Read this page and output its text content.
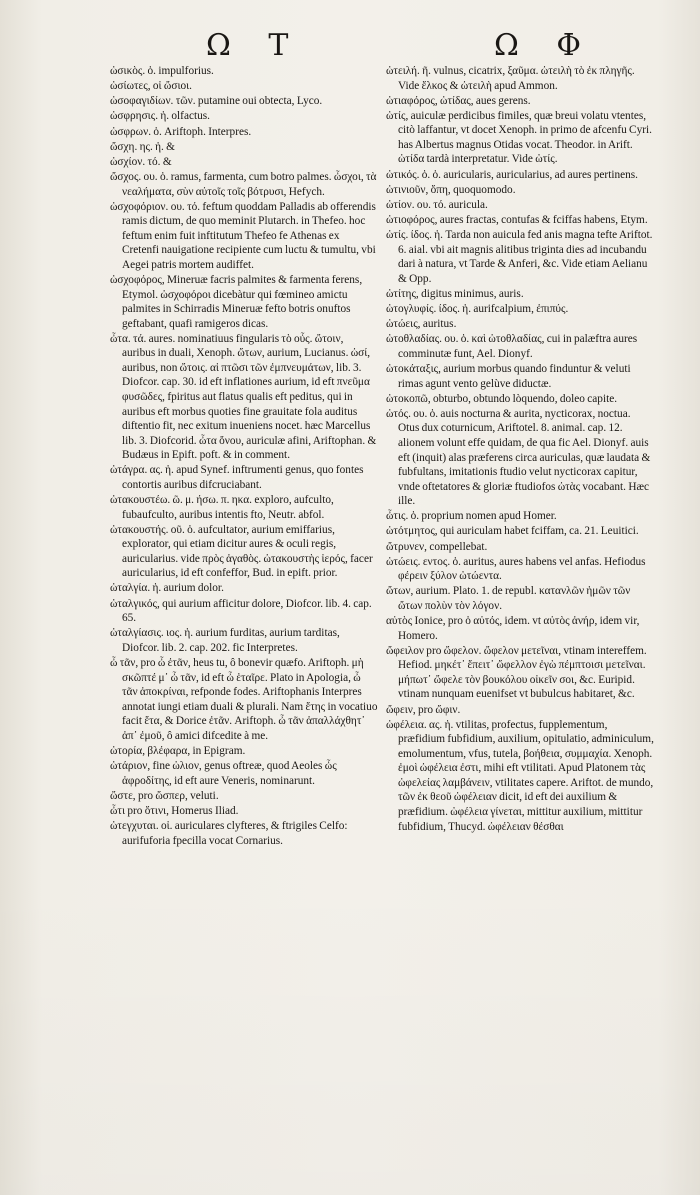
Ω Τ	Ω Φ

ὠσικὸς. ὁ. impulforius.

ὠσίωτες, οἱ ὤσιοι.

ὠσοφαγιδίων. τῶν. putamine oui obtecta, Lyco.

ὠσφρησις. ἡ. olfactus.

ὠσφρων. ὁ. Ariftoph. Interpres.

ὤσχη. ης. ἡ. &

ὠσχίον. τό. &

ὤσχος. ου. ὁ. ramus, farmenta, cum botro palmes. ὦσχοι, τὰ νεαλήματα, σὺν αὐτοῖς τοῖς βότρυσι, Hefych.

ὠσχοφόριον. ου. τό. feftum quoddam Palladis ab offerendis ramis dictum, de quo meminit Plutarch. in Thefeo. hoc feftum enim fuit inftitutum Thefeo fe Athenas ex Cretenfi nauigatione recipiente cum luctu & tumultu, vbi Aegei patris mortem audiffet.

ὠσχοφόρος, Mineruæ facris palmites & farmenta ferens, Etymol. ὠσχοφόροι dicebàtur qui fœmineo amictu palmites in Schirradis Mineruæ fefto botris onuftos geftabant, quafi ramigeros dicas.

ὦτα. τά. aures. nominatiuus fingularis τὸ οὖς. ὤτοιν, auribus in duali, Xenoph. ὤτων, aurium, Lucianus. ὠσί, auribus, non ὤτοις. αἱ πτῶσι τῶν ἐμπνευμάτων, lib. 3. Diofcor. cap. 30. id eft inflationes aurium, id eft πνεῦμα φυσῶδες, fpiritus aut flatus qualis eft peditus, qui in auribus eft morbus quoties fine grauitate fola auditus diftentio fit, nec exitum inueniens nocet. hæc Marcellus lib. 3. Diofcorid. ὦτα ὄνου, auriculæ afini, Ariftophan. & Budæus in Epift. poft. & in comment.

ὠτάγρα. ας. ἡ. apud Synef. inftrumenti genus, quo fontes contortis auribus difcruciabant.

ὠτακουστέω. ῶ. μ. ήσω. π. ηκα. exploro, aufculto, fubaufculto, auribus intentis fto, Neutr. abfol.

ὠτακουστής. οῦ. ὁ. aufcultator, aurium emiffarius, explorator, qui etiam dicitur aures & oculi regis, auricularius. vide πρὸς ἀγαθὸς. ὠτακουστὴς ἱερός, facer auricularius, id eft confeffor, Bud. in epift. prior.

ὠταλγία. ἡ. aurium dolor.

ὠταλγικός, qui aurium afficitur dolore, Diofcor. lib. 4. cap. 65.

ὠταλγίασις. ιος. ἡ. aurium furditas, aurium tarditas, Diofcor. lib. 2. cap. 202. fic Interpretes.

ὦ τᾶν, pro ὦ ἐτᾶν, heus tu, ô bonevir quæfo. Ariftoph. μὴ σκῶπτέ μ᾽ ὦ τᾶν, id eft ὦ ἑταῖρε. Plato in Apologia, ὦ τᾶν ἀποκρίναι, refponde fodes. Ariftophanis Interpres annotat iungi etiam duali & plurali. Nam ἔτης in vocatiuo facit ἔτα, & Dorice ἐτᾶν. Ariftoph. ὦ τᾶν ἀπαλλάχθητ᾽ ἀπ᾽ ἐμοῦ, ô amici difcedite à me.

ὠτορία, βλέφαρα, in Epigram.

ὠτάριον, fine ὠλιον, genus oftreæ, quod Aeoles ὦς ἀφροδίτης, id eft aure Veneris, nominarunt.

ὥστε, pro ὥσπερ, veluti.

ὦτι pro ὅτινι, Homerus Iliad.

ὠτεγχυται. οἱ. auriculares clyfteres, & ftrigiles Celfo: aurifuforia fpecilla vocat Cornarius.

ὠτειλή. ῆ. vulnus, cicatrix, ξαῦμα. ὠτειλὴ τὸ ἐκ πληγῆς. Vide ἕλκος & ὠτειλὴ apud Ammon.

ὠτιαφόρος, ὠτίδας, aues gerens.

ὠτίς, auiculæ perdicibus fimiles, quæ breui volatu vtentes, citò laffantur, vt docet Xenoph. in primo de afcenfu Cyri. has Albertus magnus Otidas vocat. Theodor. in Arift. ὠτίδα tardà interpretatur. Vide ὠτίς.

ὠτικός. ὁ. ὁ. auricularis, auricularius, ad aures pertinens.

ὠτινιοῦν, ὅπη, quoquomodo.

ὠτίον. ου. τό. auricula.

ὠτιοφόρος, aures fractas, contufas & fciffas habens, Etym.

ὠτίς. ίδος. ἡ. Tarda non auicula fed anis magna tefte Ariftot. 6. aial. vbi ait magnis alitibus triginta dies ad incubandu dari à natura, vt Tarde & Anferi, &c. Vide etiam Aelianu & Opp.

ὠτίτης, digitus minimus, auris.

ὠτογλυφίς. ίδος. ἡ. aurifcalpium, ἐπιπύς.

ὠτώεις, auritus.

ὠτοθλαδίας. ου. ὁ. καὶ ὠτοθλαδίας, cui in palæftra aures comminutæ funt, Ael. Dionyf.

ὠτοκάταξις, aurium morbus quando finduntur & veluti rimas agunt vento gelùve diductæ.

ὠτοκοπῶ, obturbo, obtundo lòquendo, doleo capite.

ὠτός. ου. ὁ. auis nocturna & aurita, nycticorax, noctua. Otus dux coturnicum, Ariftotel. 8. animal. cap. 12. alionem volunt effe quidam, de qua fic Ael. Dionyf. auis eft (inquit) alas præferens circa auriculas, quæ laudata & fubfultans, imitationis ftudio velut nycticorax capitur, vnde oftetatores & gloriæ ftudiofos ὠτὰς vocabant. Hæc ille.

ὦτις. ὁ. proprium nomen apud Homer.

ὠτότμητος, qui auriculam habet fciffam, ca. 21. Leuitici.

ὤτρυνεν, compellebat.

ὠτώεις. εντος. ὁ. auritus, aures habens vel anfas. Hefiodus φέρειν ξύλον ὠτώεντα.

ὤτων, aurium. Plato. 1. de republ. κατανλῶν ἡμῶν τῶν ὤτων πολὺν τὸν λόγον.

αὐτὸς Ionice, pro ὁ αὐτός, idem. vt αὐτὸς ἀνήρ, idem vir, Homero.

ὤφειλον pro ὤφελον. ὤφελον μετεῖναι, vtinam intereffem. Hefiod. μηκέτ᾽ ἔπειτ᾽ ὤφελλον ἐγὼ πέμπτοισι μετεῖναι. μήπωτ᾽ ὤφελε τὸν βουκόλου οἰκεῖν σοι, &c. Euripid. vtinam nunquam euenifset vt bubulcus habitaret, &c.

ὤφειν, pro ὤφιν.

ὠφέλεια. ας. ἡ. vtilitas, profectus, fupplementum, præfidium fubfidium, auxilium, opitulatio, adminiculum, emolumentum, vfus, tutela, βοήθεια, συμμαχία. Xenoph. ἐμοὶ ὠφέλεια ἐστι, mihi eft vtilitati. Apud Platonem τὰς ὠφελείας λαμβάνειν, vtilitates capere. Ariftot. de mundo, τῶν ἐκ θεοῦ ὠφέλειαν dicit, id eft dei auxilium & præfidium. ὠφέλεια γίνεται, mittitur auxilium, mittitur fubfidium, Thucyd. ὠφέλειαν θέσθαι
